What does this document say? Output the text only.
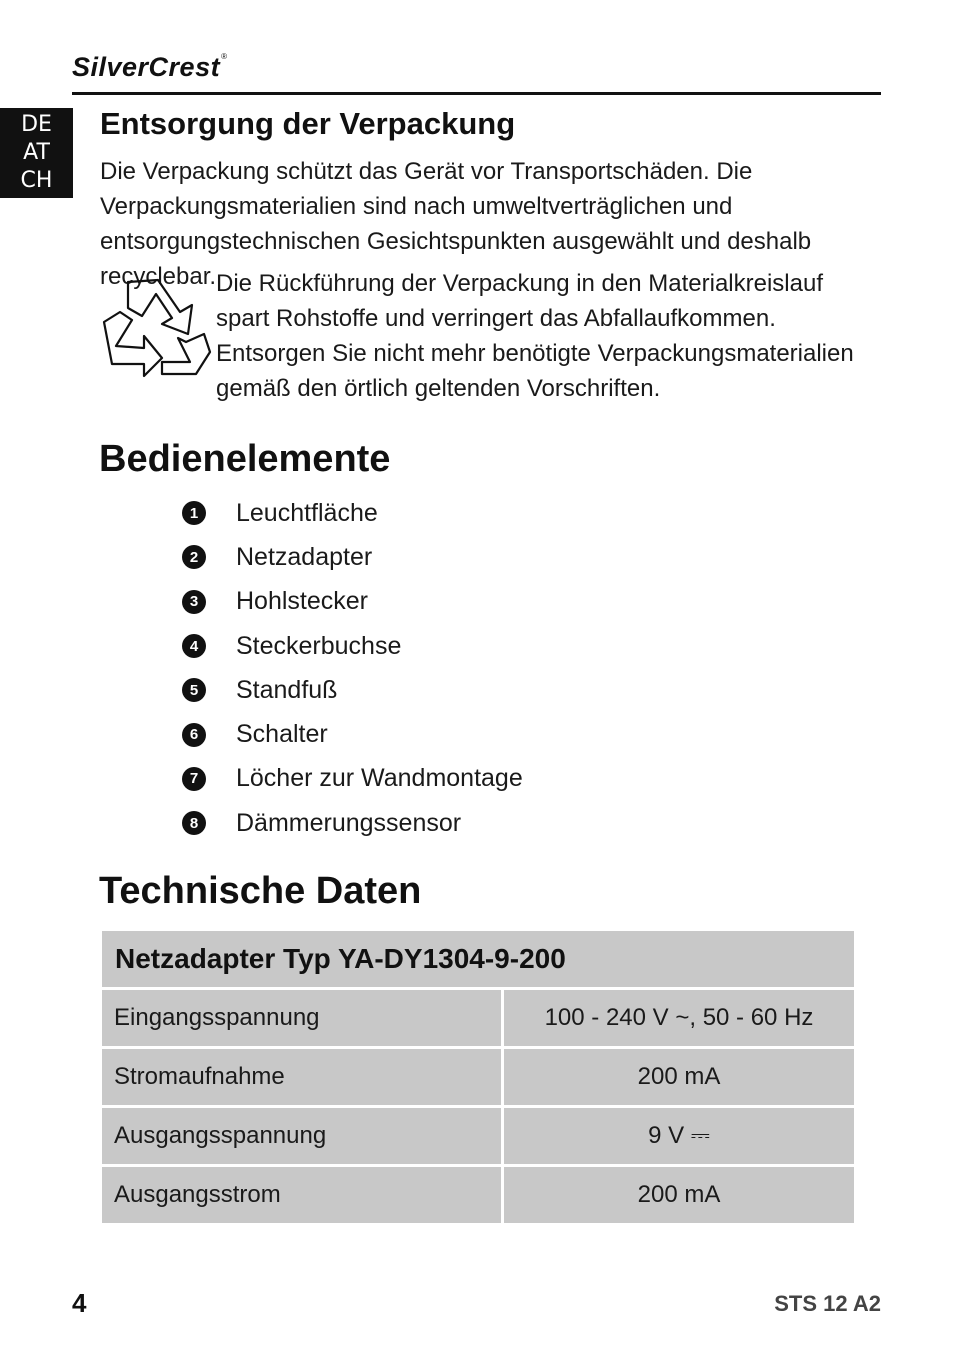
SilverCrest®
DE
AT
CH
Entsorgung der Verpackung
Die Verpackung schützt das Gerät vor Transportschäden. Die Verpackungsmaterialien sind nach umweltverträglichen und entsorgungstechnischen Gesichtspunkten ausgewählt und deshalb recyclebar. Die Rückführung der Verpackung in den Materialkreislauf spart Rohstoffe und verringert das Abfallaufkommen. Entsorgen Sie nicht mehr benötigte Verpackungsmaterialien gemäß den örtlich geltenden Vorschriften.
Bedienelemente
1	Leuchtfläche
2	Netzadapter
3	Hohlstecker
4	Steckerbuchse
5	Standfuß
6	Schalter
7	Löcher zur Wandmontage
8	Dämmerungssensor
Technische Daten
Netzadapter Typ YA-DY1304-9-200
Eingangsspannung	100 - 240 V ~, 50 - 60 Hz
Stromaufnahme	200 mA
Ausgangsspannung	9 V ⎓
Ausgangsstrom	200 mA
4	STS 12 A2
